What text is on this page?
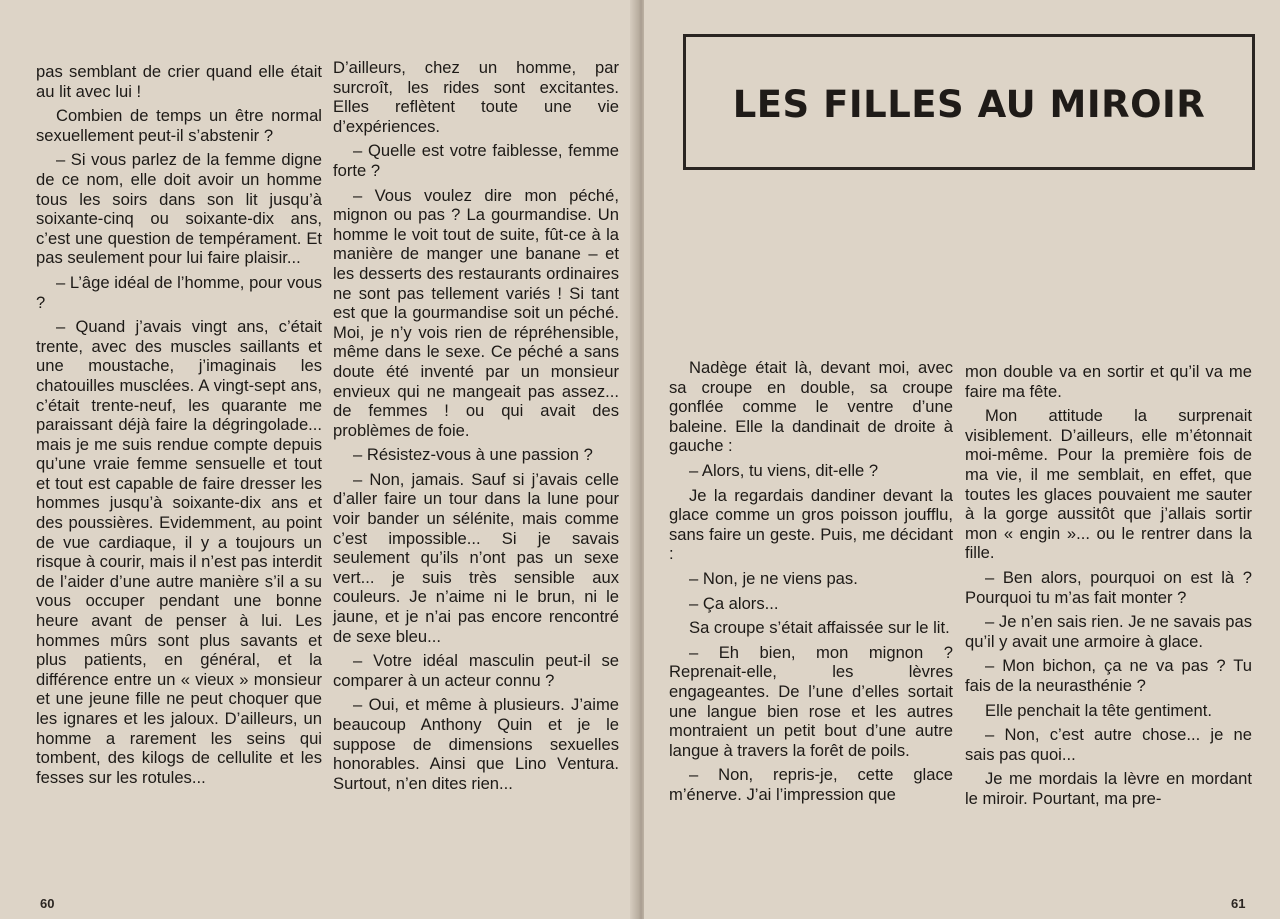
pas semblant de crier quand elle était au lit avec lui !

Combien de temps un être normal sexuellement peut-il s’abstenir ?

– Si vous parlez de la femme digne de ce nom, elle doit avoir un homme tous les soirs dans son lit jusqu’à soixante-cinq ou soixante-dix ans, c’est une question de tempérament. Et pas seulement pour lui faire plaisir...

– L’âge idéal de l’homme, pour vous ?

– Quand j’avais vingt ans, c’était trente, avec des muscles saillants et une moustache, j’imaginais les chatouilles musclées. A vingt-sept ans, c’était trente-neuf, les quarante me paraissant déjà faire la dégringolade... mais je me suis rendue compte depuis qu’une vraie femme sensuelle et tout et tout est capable de faire dresser les hommes jusqu’à soixante-dix ans et des poussières. Evidemment, au point de vue cardiaque, il y a toujours un risque à courir, mais il n’est pas interdit de l’aider d’une autre manière s’il a su vous occuper pendant une bonne heure avant de penser à lui. Les hommes mûrs sont plus savants et plus patients, en général, et la différence entre un « vieux » monsieur et une jeune fille ne peut choquer que les ignares et les jaloux. D’ailleurs, un homme a rarement les seins qui tombent, des kilogs de cellulite et les fesses sur les rotules...

D’ailleurs, chez un homme, par surcroît, les rides sont excitantes. Elles reflètent toute une vie d’expériences.

– Quelle est votre faiblesse, femme forte ?

– Vous voulez dire mon péché, mignon ou pas ? La gourmandise. Un homme le voit tout de suite, fût-ce à la manière de manger une banane – et les desserts des restaurants ordinaires ne sont pas tellement variés ! Si tant est que la gourmandise soit un péché. Moi, je n’y vois rien de répréhensible, même dans le sexe. Ce péché a sans doute été inventé par un monsieur envieux qui ne mangeait pas assez... de femmes ! ou qui avait des problèmes de foie.

– Résistez-vous à une passion ?

– Non, jamais. Sauf si j’avais celle d’aller faire un tour dans la lune pour voir bander un sélénite, mais comme c’est impossible... Si je savais seulement qu’ils n’ont pas un sexe vert... je suis très sensible aux couleurs. Je n’aime ni le brun, ni le jaune, et je n’ai pas encore rencontré de sexe bleu...

– Votre idéal masculin peut-il se comparer à un acteur connu ?

– Oui, et même à plusieurs. J’aime beaucoup Anthony Quin et je le suppose de dimensions sexuelles honorables. Ainsi que Lino Ventura. Surtout, n’en dites rien...

60
LES FILLES AU MIROIR

Nadège était là, devant moi, avec sa croupe en double, sa croupe gonflée comme le ventre d’une baleine. Elle la dandinait de droite à gauche :

– Alors, tu viens, dit-elle ?

Je la regardais dandiner devant la glace comme un gros poisson joufflu, sans faire un geste. Puis, me décidant :

– Non, je ne viens pas.

– Ça alors...

Sa croupe s’était affaissée sur le lit.

– Eh bien, mon mignon ? Reprenait-elle, les lèvres engageantes. De l’une d’elles sortait une langue bien rose et les autres montraient un petit bout d’une autre langue à travers la forêt de poils.

– Non, repris-je, cette glace m’énerve. J’ai l’impression que

mon double va en sortir et qu’il va me faire ma fête.

Mon attitude la surprenait visiblement. D’ailleurs, elle m’étonnait moi-même. Pour la première fois de ma vie, il me semblait, en effet, que toutes les glaces pouvaient me sauter à la gorge aussitôt que j’allais sortir mon « engin »... ou le rentrer dans la fille.

– Ben alors, pourquoi on est là ? Pourquoi tu m’as fait monter ?

– Je n’en sais rien. Je ne savais pas qu’il y avait une armoire à glace.

– Mon bichon, ça ne va pas ? Tu fais de la neurasthénie ?

Elle penchait la tête gentiment.

– Non, c’est autre chose... je ne sais pas quoi...

Je me mordais la lèvre en mordant le miroir. Pourtant, ma pre-

61
